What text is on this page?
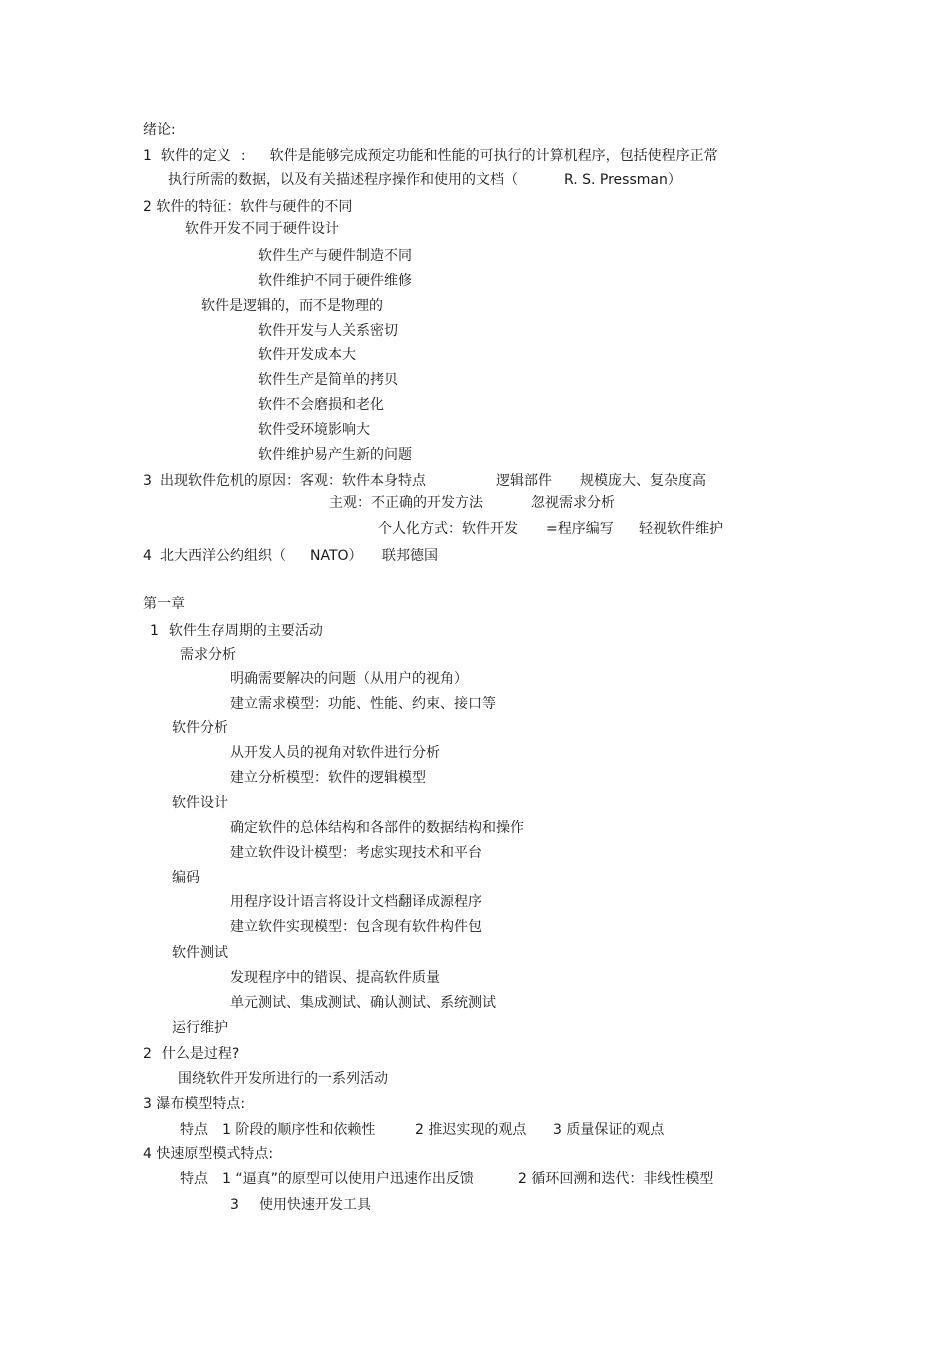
绪论:
1 软件的定义 : 软件是能够完成预定功能和性能的可执行的计算机程序，包括使程序正常
执行所需的数据，以及有关描述程序操作和使用的文档（	R. S. Pressman）
2 软件的特征：软件与硬件的不同
软件开发不同于硬件设计
软件生产与硬件制造不同
软件维护不同于硬件维修
软件是逻辑的，而不是物理的
软件开发与人关系密切
软件开发成本大
软件生产是简单的拷贝
软件不会磨损和老化
软件受环境影响大
软件维护易产生新的问题
3 出现软件危机的原因：客观：软件本身特点	逻辑部件 规模庞大、复杂度高
主观：不正确的开发方法	忽视需求分析
个人化方式：软件开发 =程序编写 轻视软件维护
4 北大西洋公约组织（ NATO） 联邦德国
第一章
1 软件生存周期的主要活动
需求分析
明确需要解决的问题（从用户的视角）
建立需求模型：功能、性能、约束、接口等
软件分析
从开发人员的视角对软件进行分析
建立分析模型：软件的逻辑模型
软件设计
确定软件的总体结构和各部件的数据结构和操作
建立软件设计模型：考虑实现技术和平台
编码
用程序设计语言将设计文档翻译成源程序
建立软件实现模型：包含现有软件构件包
软件测试
发现程序中的错误、提高软件质量
单元测试、集成测试、确认测试、系统测试
运行维护
2 什么是过程?
围绕软件开发所进行的一系列活动
3 瀑布模型特点:
特点 1 阶段的顺序性和依赖性	2 推迟实现的观点 3 质量保证的观点
4 快速原型模式特点:
特点 1 “逼真”的原型可以使用户迅速作出反馈	2 循环回溯和迭代：非线性模型
3 使用快速开发工具
